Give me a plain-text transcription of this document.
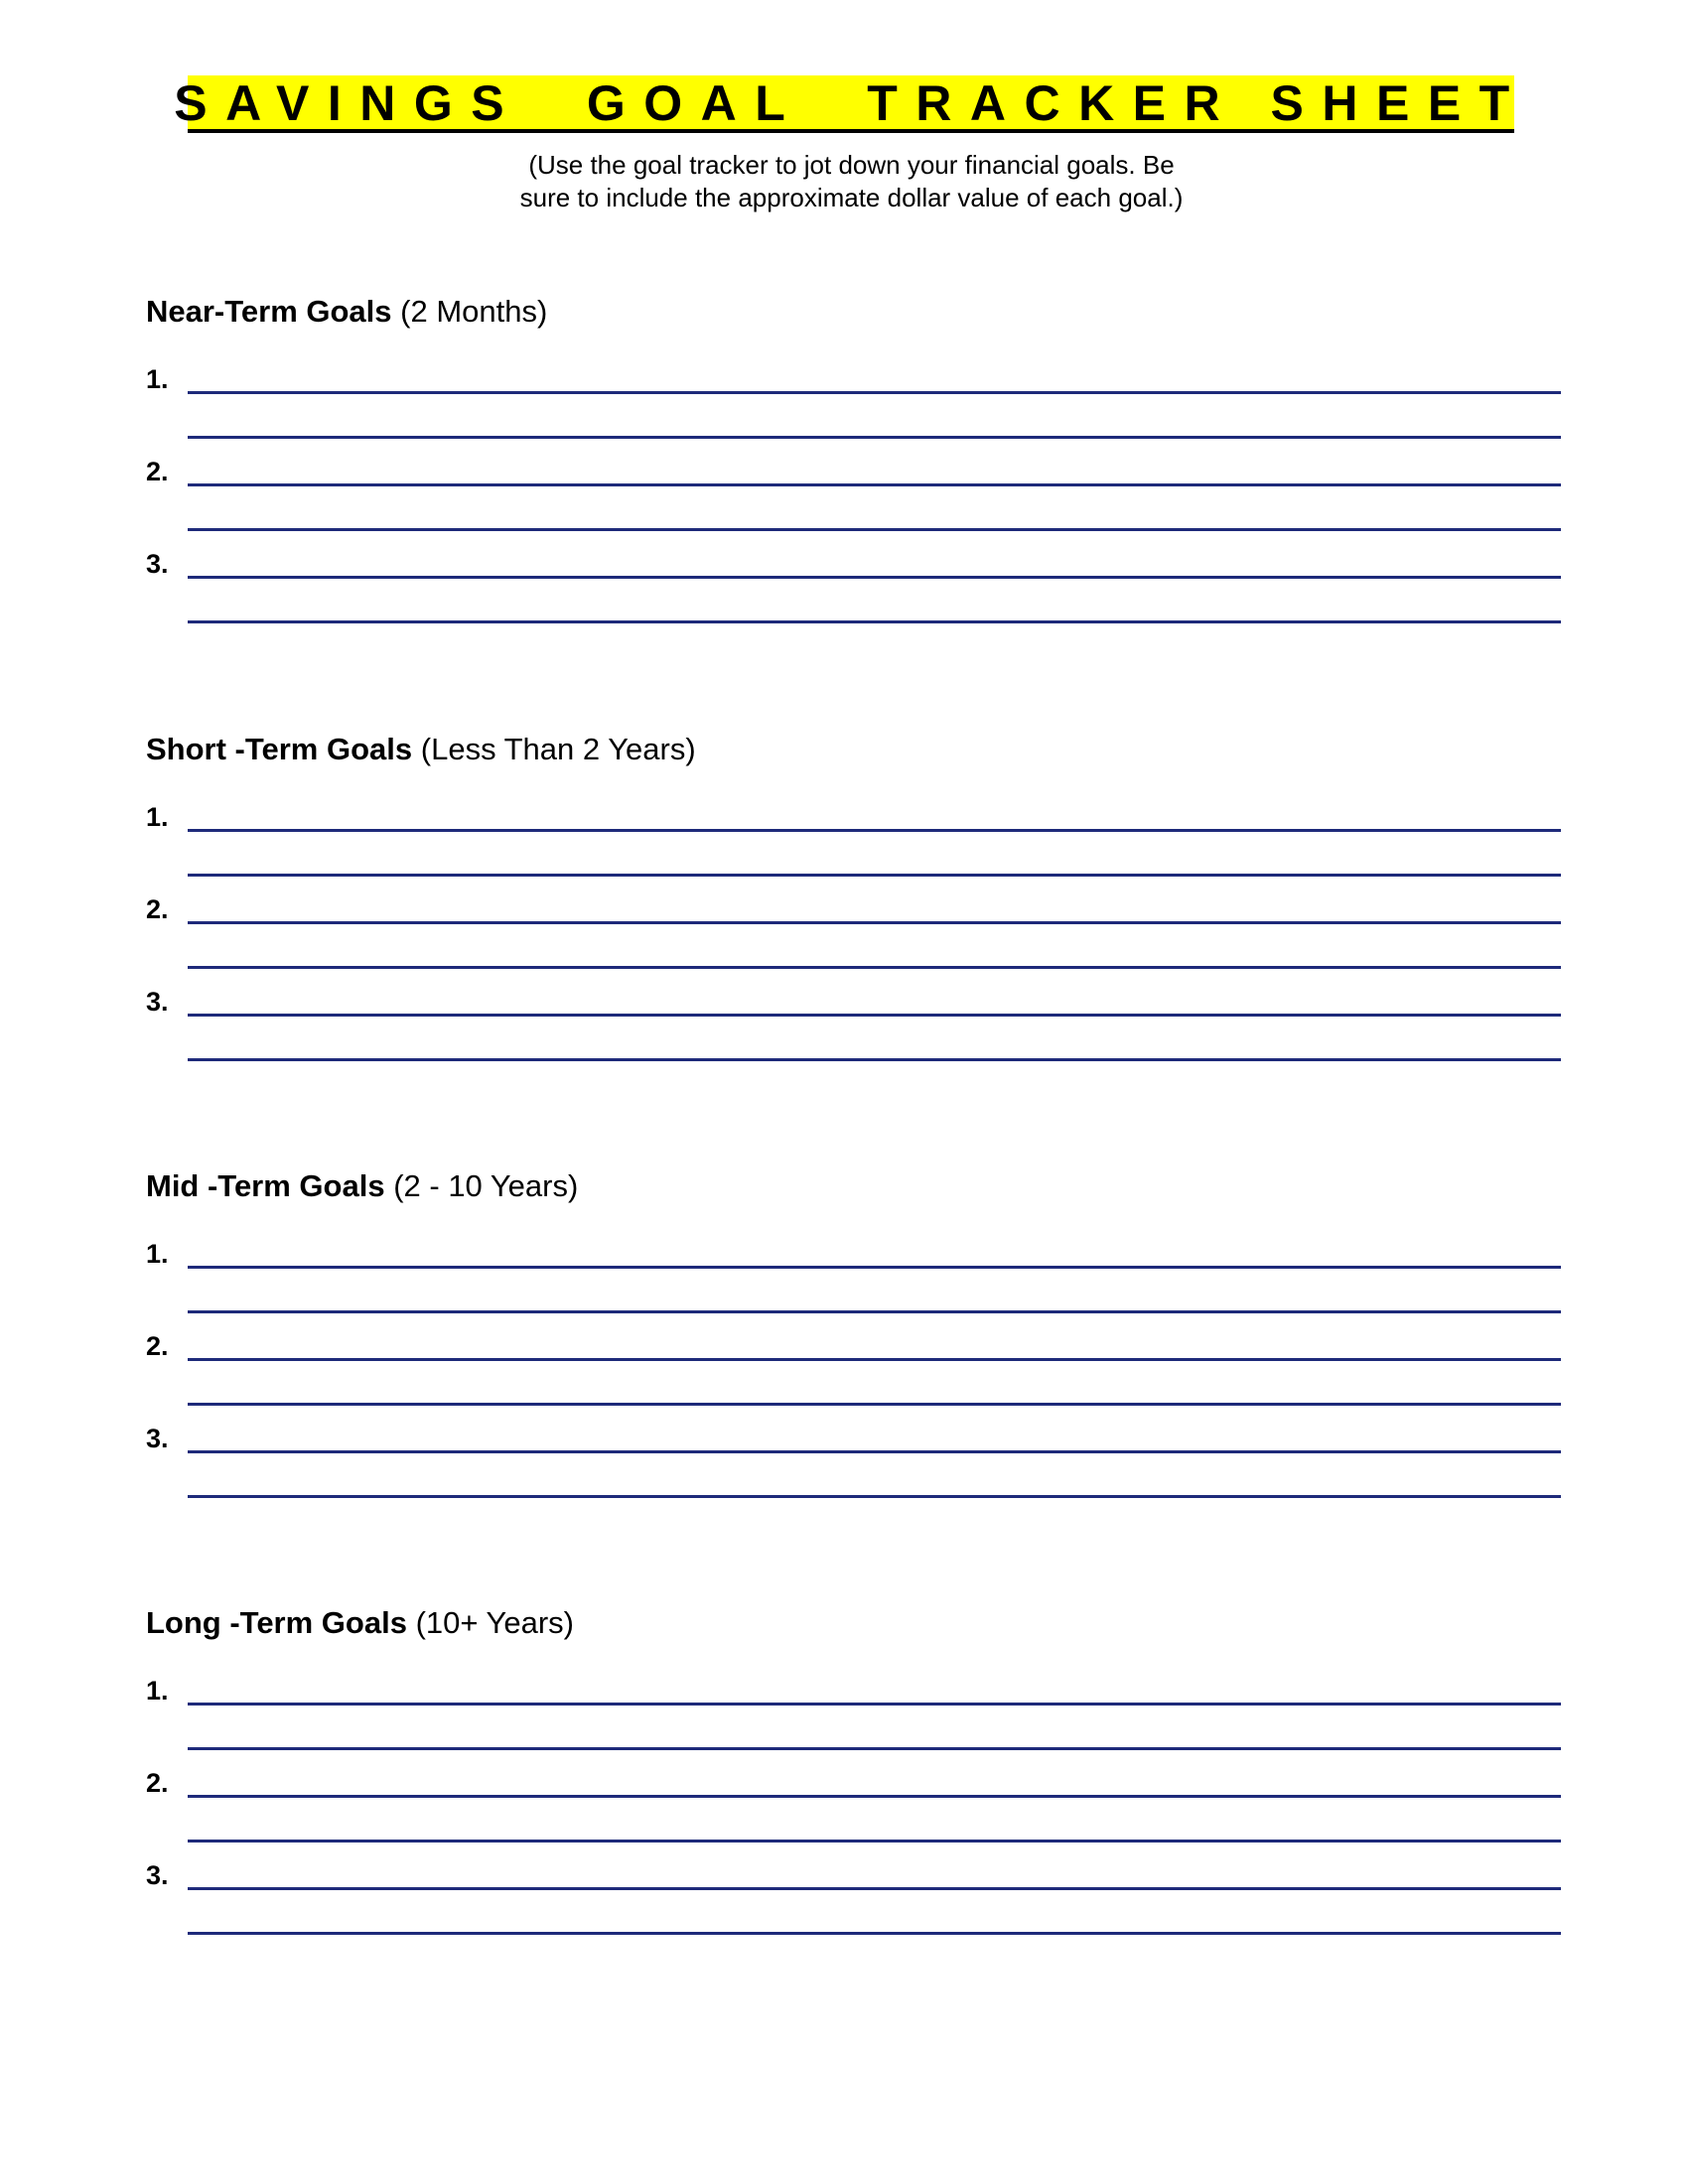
SAVINGS  GOAL  TRACKER SHEET

(Use the goal tracker to jot down your financial goals. Be
sure to include the approximate dollar value of each goal.)

Near-Term Goals (2 Months)
1.
2.
3.
Short -Term Goals (Less Than 2 Years)
1.
2.
3.
Mid -Term Goals (2 - 10 Years)
1.
2.
3.
Long -Term Goals (10+ Years)
1.
2.
3.
